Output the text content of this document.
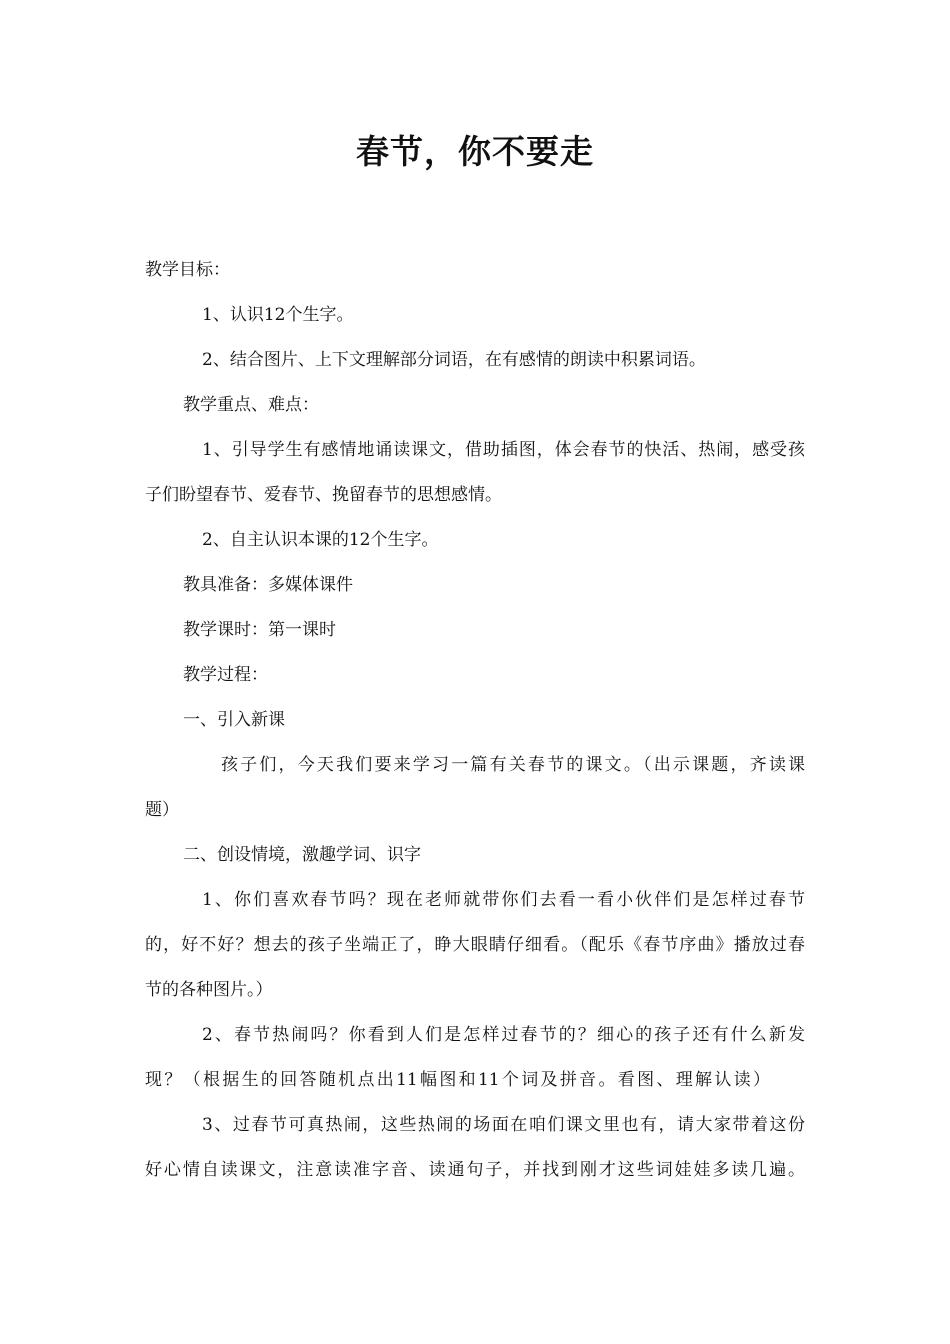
春节，你不要走
教学目标：
1、认识12个生字。
2、结合图片、上下文理解部分词语，在有感情的朗读中积累词语。
教学重点、难点：
1、引导学生有感情地诵读课文，借助插图，体会春节的快活、热闹，感受孩
子们盼望春节、爱春节、挽留春节的思想感情。
2、自主认识本课的12个生字。
教具准备：多媒体课件
教学课时：第一课时
教学过程：
一、引入新课
孩子们，今天我们要来学习一篇有关春节的课文。（出示课题，齐读课
题）
二、创设情境，激趣学词、识字
1、你们喜欢春节吗？现在老师就带你们去看一看小伙伴们是怎样过春节
的，好不好？想去的孩子坐端正了，睁大眼睛仔细看。（配乐《春节序曲》播放过春
节的各种图片。）
2、春节热闹吗？你看到人们是怎样过春节的？细心的孩子还有什么新发
现？（根据生的回答随机点出11幅图和11个词及拼音。看图、理解认读）
3、过春节可真热闹，这些热闹的场面在咱们课文里也有，请大家带着这份
好心情自读课文，注意读准字音、读通句子，并找到刚才这些词娃娃多读几遍。
